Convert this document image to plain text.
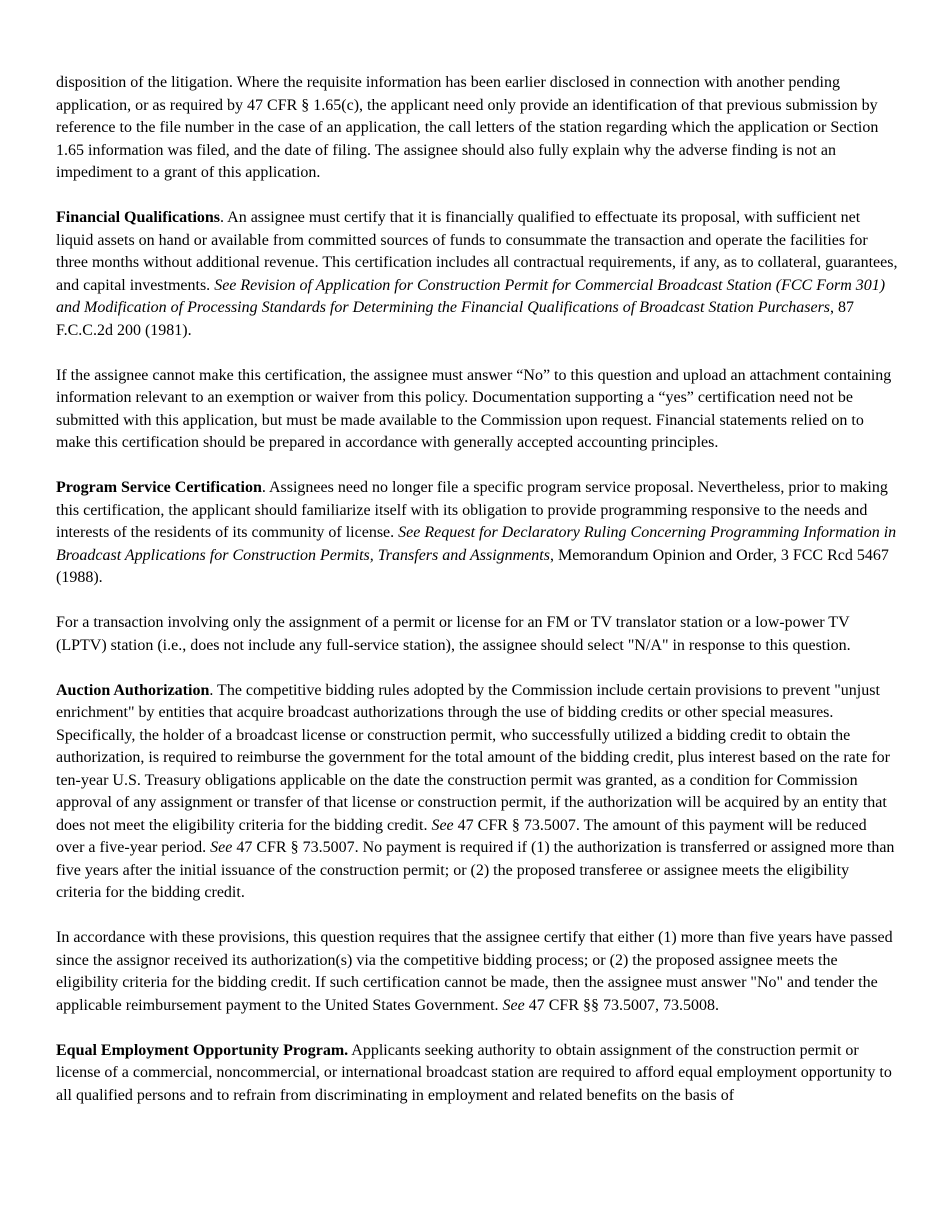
disposition of the litigation. Where the requisite information has been earlier disclosed in connection with another pending application, or as required by 47 CFR § 1.65(c), the applicant need only provide an identification of that previous submission by reference to the file number in the case of an application, the call letters of the station regarding which the application or Section 1.65 information was filed, and the date of filing. The assignee should also fully explain why the adverse finding is not an impediment to a grant of this application.

Financial Qualifications. An assignee must certify that it is financially qualified to effectuate its proposal, with sufficient net liquid assets on hand or available from committed sources of funds to consummate the transaction and operate the facilities for three months without additional revenue. This certification includes all contractual requirements, if any, as to collateral, guarantees, and capital investments. See Revision of Application for Construction Permit for Commercial Broadcast Station (FCC Form 301) and Modification of Processing Standards for Determining the Financial Qualifications of Broadcast Station Purchasers, 87 F.C.C.2d 200 (1981).

If the assignee cannot make this certification, the assignee must answer “No” to this question and upload an attachment containing information relevant to an exemption or waiver from this policy. Documentation supporting a “yes” certification need not be submitted with this application, but must be made available to the Commission upon request. Financial statements relied on to make this certification should be prepared in accordance with generally accepted accounting principles.

Program Service Certification. Assignees need no longer file a specific program service proposal. Nevertheless, prior to making this certification, the applicant should familiarize itself with its obligation to provide programming responsive to the needs and interests of the residents of its community of license. See Request for Declaratory Ruling Concerning Programming Information in Broadcast Applications for Construction Permits, Transfers and Assignments, Memorandum Opinion and Order, 3 FCC Rcd 5467 (1988).

For a transaction involving only the assignment of a permit or license for an FM or TV translator station or a low-power TV (LPTV) station (i.e., does not include any full-service station), the assignee should select "N/A" in response to this question.

Auction Authorization. The competitive bidding rules adopted by the Commission include certain provisions to prevent "unjust enrichment" by entities that acquire broadcast authorizations through the use of bidding credits or other special measures. Specifically, the holder of a broadcast license or construction permit, who successfully utilized a bidding credit to obtain the authorization, is required to reimburse the government for the total amount of the bidding credit, plus interest based on the rate for ten-year U.S. Treasury obligations applicable on the date the construction permit was granted, as a condition for Commission approval of any assignment or transfer of that license or construction permit, if the authorization will be acquired by an entity that does not meet the eligibility criteria for the bidding credit. See 47 CFR § 73.5007. The amount of this payment will be reduced over a five-year period. See 47 CFR § 73.5007. No payment is required if (1) the authorization is transferred or assigned more than five years after the initial issuance of the construction permit; or (2) the proposed transferee or assignee meets the eligibility criteria for the bidding credit.

In accordance with these provisions, this question requires that the assignee certify that either (1) more than five years have passed since the assignor received its authorization(s) via the competitive bidding process; or (2) the proposed assignee meets the eligibility criteria for the bidding credit. If such certification cannot be made, then the assignee must answer "No" and tender the applicable reimbursement payment to the United States Government. See 47 CFR §§ 73.5007, 73.5008.

Equal Employment Opportunity Program. Applicants seeking authority to obtain assignment of the construction permit or license of a commercial, noncommercial, or international broadcast station are required to afford equal employment opportunity to all qualified persons and to refrain from discriminating in employment and related benefits on the basis of
